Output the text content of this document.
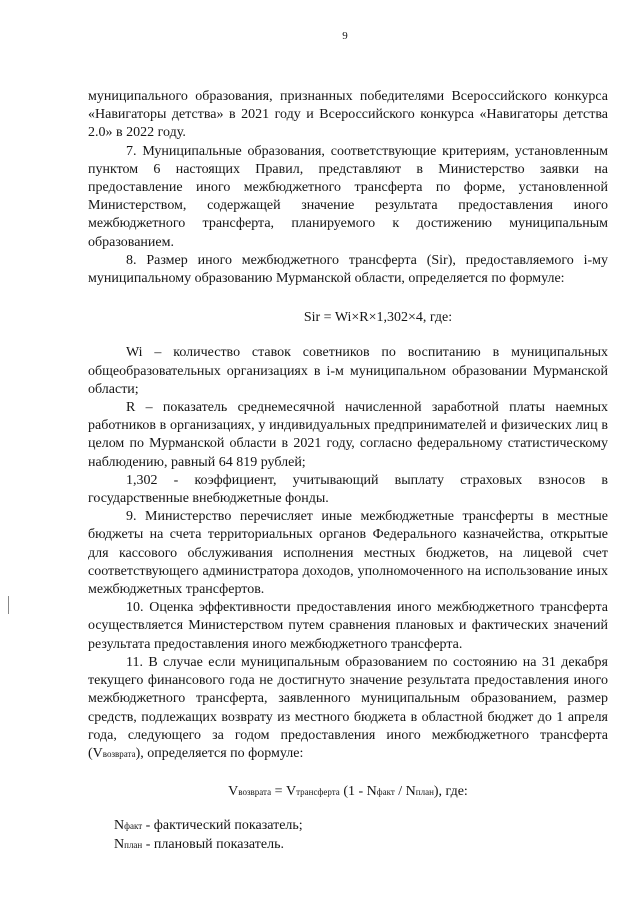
9

муниципального образования, признанных победителями Всероссийского конкурса «Навигаторы детства» в 2021 году и Всероссийского конкурса «Навигаторы детства 2.0» в 2022 году.

7. Муниципальные образования, соответствующие критериям, установленным пунктом 6 настоящих Правил, представляют в Министерство заявки на предоставление иного межбюджетного трансферта по форме, установленной Министерством, содержащей значение результата предоставления иного межбюджетного трансферта, планируемого к достижению муниципальным образованием.

8. Размер иного межбюджетного трансферта (Sir), предоставляемого i-му муниципальному образованию Мурманской области, определяется по формуле:

Sir = Wi×R×1,302×4, где:

Wi – количество ставок советников по воспитанию в муниципальных общеобразовательных организациях в i-м муниципальном образовании Мурманской области;

R – показатель среднемесячной начисленной заработной платы наемных работников в организациях, у индивидуальных предпринимателей и физических лиц в целом по Мурманской области в 2021 году, согласно федеральному статистическому наблюдению, равный 64 819 рублей;

1,302 - коэффициент, учитывающий выплату страховых взносов в государственные внебюджетные фонды.

9. Министерство перечисляет иные межбюджетные трансферты в местные бюджеты на счета территориальных органов Федерального казначейства, открытые для кассового обслуживания исполнения местных бюджетов, на лицевой счет соответствующего администратора доходов, уполномоченного на использование иных межбюджетных трансфертов.

10. Оценка эффективности предоставления иного межбюджетного трансферта осуществляется Министерством путем сравнения плановых и фактических значений результата предоставления иного межбюджетного трансферта.

11. В случае если муниципальным образованием по состоянию на 31 декабря текущего финансового года не достигнуто значение результата предоставления иного межбюджетного трансферта, заявленного муниципальным образованием, размер средств, подлежащих возврату из местного бюджета в областной бюджет до 1 апреля года, следующего за годом предоставления иного межбюджетного трансферта (Vвозврата), определяется по формуле:

Vвозврата = Vтрансферта (1 - Nфакт / Nплан), где:

Nфакт - фактический показатель;

Nплан - плановый показатель.
